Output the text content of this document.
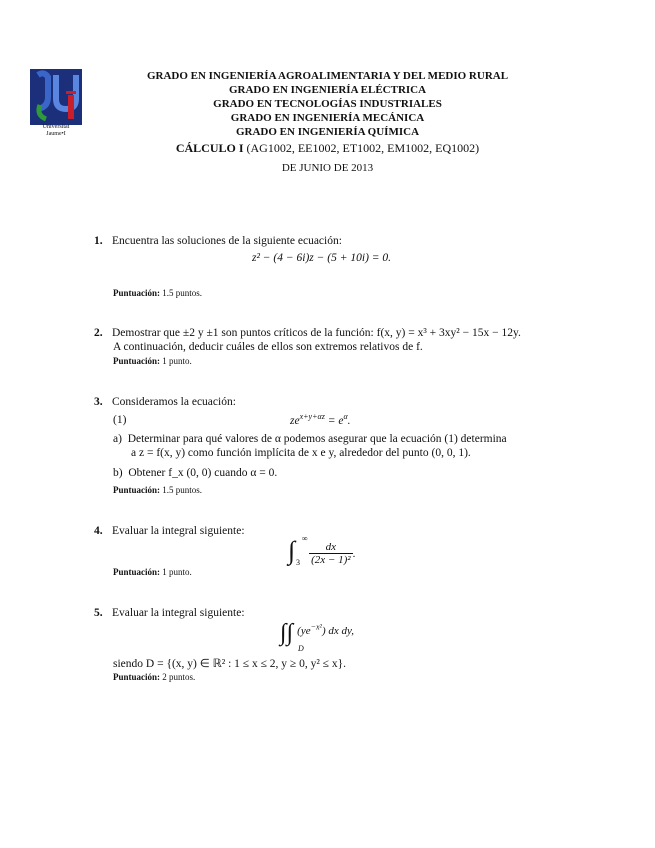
Universitat
Jaume•I
GRADO EN INGENIERÍA AGROALIMENTARIA Y DEL MEDIO RURAL
GRADO EN INGENIERÍA ELÉCTRICA
GRADO EN TECNOLOGÍAS INDUSTRIALES
GRADO EN INGENIERÍA MECÁNICA
GRADO EN INGENIERÍA QUÍMICA
CÁLCULO I (AG1002, EE1002, ET1002, EM1002, EQ1002)
DE JUNIO DE 2013
1. Encuentra las soluciones de la siguiente ecuación:
z² − (4 − 6i)z − (5 + 10i) = 0.
Puntuación: 1.5 puntos.
2. Demostrar que ±2 y ±1 son puntos críticos de la función: f(x, y) = x³ + 3xy² − 15x − 12y.
A continuación, deducir cuáles de ellos son extremos relativos de f.
Puntuación: 1 punto.
3. Consideramos la ecuación:
(1)	$ze^{x+y+\alpha z} = e^\alpha$.
a) Determinar para qué valores de α podemos asegurar que la ecuación (1) determina
a z = f(x, y) como función implícita de x e y, alrededor del punto (0, 0, 1).
b) Obtener f_x (0, 0) cuando α = 0.
Puntuación: 1.5 puntos.
4. Evaluar la integral siguiente:
∫ ∞
$3 \frac{dx}{\text{(2x − 1)²}}$ .
Puntuación: 1 punto.
5. Evaluar la integral siguiente:
∫∫
D
$^{(ye^{-x^2}) dx dy,}$
siendo D = {(x, y) ∈ ℝ² : 1 ≤ x ≤ 2, y ≥ 0, y² ≤ x}.
Puntuación: 2 puntos.
